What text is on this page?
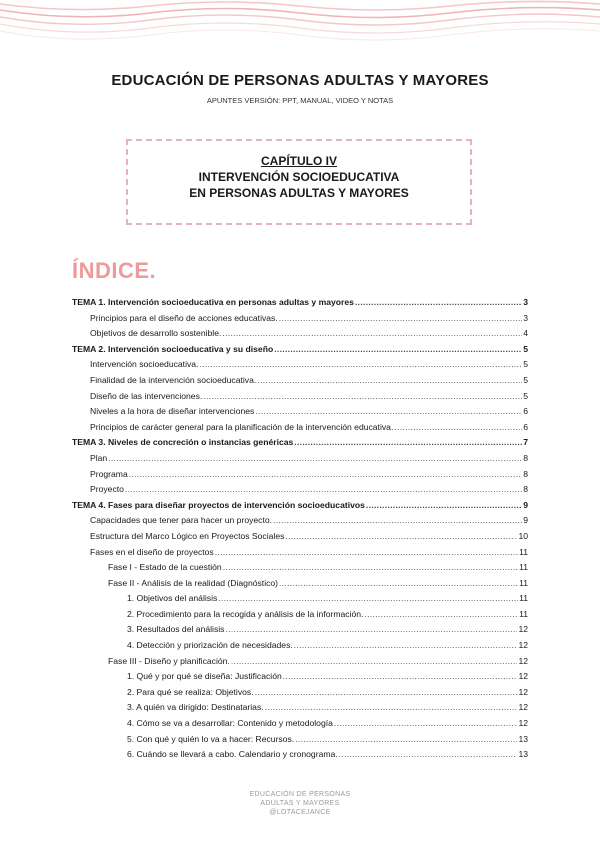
EDUCACIÓN DE PERSONAS ADULTAS Y MAYORES
APUNTES VERSIÓN: PPT, MANUAL, VIDEO Y NOTAS
CAPÍTULO IV
INTERVENCIÓN SOCIOEDUCATIVA
EN PERSONAS ADULTAS Y MAYORES
ÍNDICE.
TEMA 1. Intervención socioeducativa en personas adultas y mayores .....	3
Principios para el diseño de acciones educativas. .....	3
Objetivos de desarrollo sostenible. .....	4
TEMA 2. Intervención socioeducativa y su diseño .....	5
Intervención socioeducativa. .....	5
Finalidad de la intervención socioeducativa. .....	5
Diseño de las intervenciones. .....	5
Niveles a la hora de diseñar intervenciones .....	6
Principios de carácter general para la planificación de la intervención educativa. .....	6
TEMA 3. Niveles de concreción o instancias genéricas .....	7
Plan .....	8
Programa .....	8
Proyecto .....	8
TEMA 4. Fases para diseñar proyectos de intervención socioeducativos .....	9
Capacidades que tener para hacer un proyecto. .....	9
Estructura del Marco Lógico en Proyectos Sociales .....	10
Fases en el diseño de proyectos .....	11
Fase I - Estado de la cuestión .....	11
Fase II - Análisis de la realidad (Diagnóstico) .....	11
1. Objetivos del análisis .....	11
2. Procedimiento para la recogida y análisis de la información. .....	11
3. Resultados del análisis .....	12
4. Detección y priorización de necesidades. .....	12
Fase III - Diseño y planificación. .....	12
1. Qué y por qué se diseña: Justificación .....	12
2. Para qué se realiza: Objetivos. .....	12
3. A quién va dirigido: Destinatarias. .....	12
4. Cómo se va a desarrollar: Contenido y metodología .....	12
5. Con qué y quién lo va a hacer: Recursos. .....	13
6. Cuándo se llevará a cabo. Calendario y cronograma. .....	13
EDUCACIÓN DE PERSONAS
ADULTAS Y MAYORES
@LOTACEJANCE
